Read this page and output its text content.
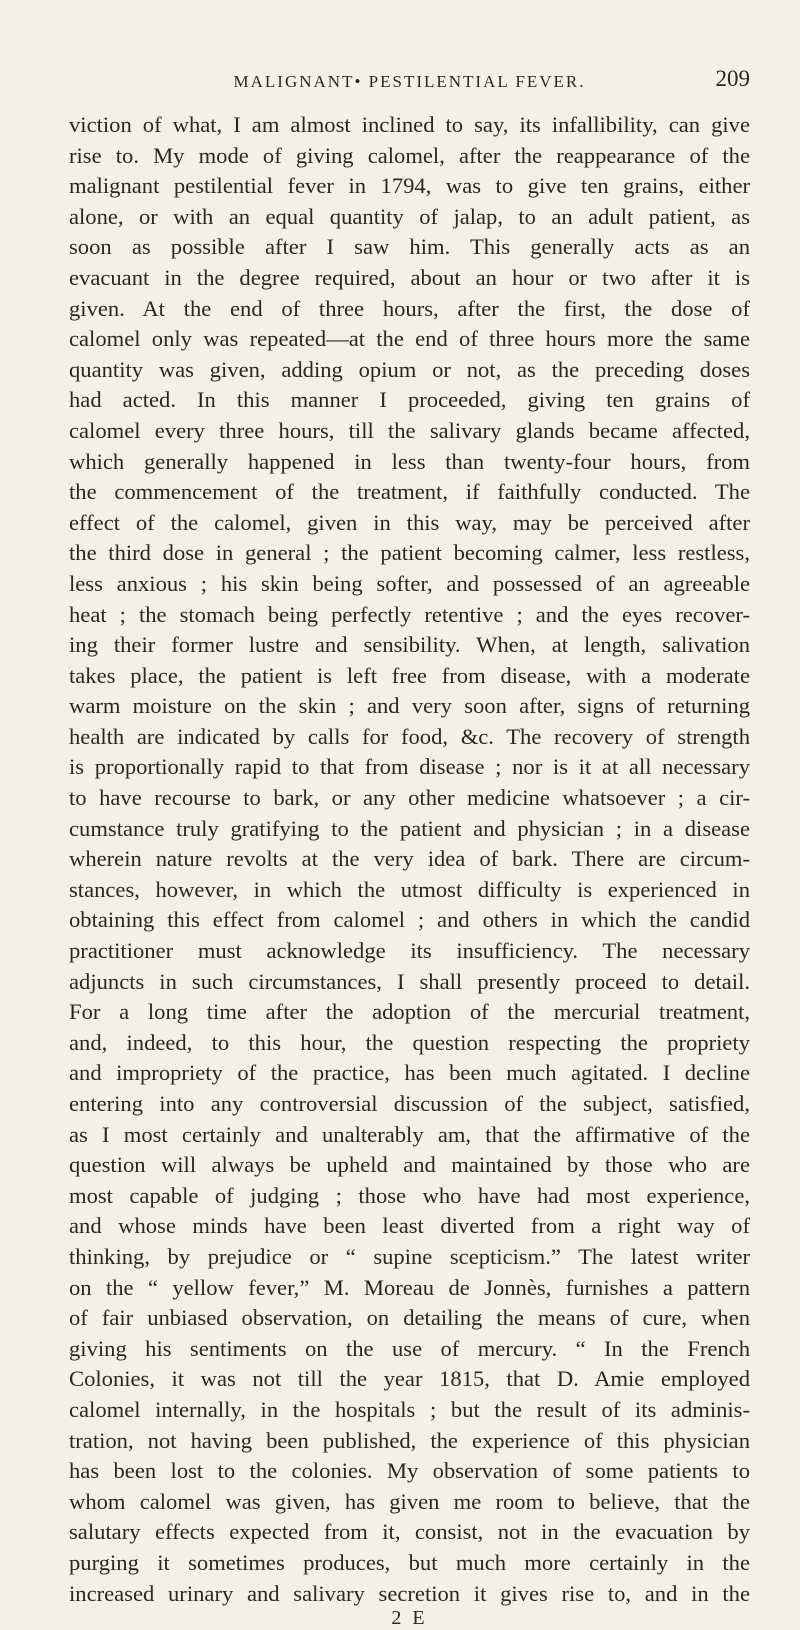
MALIGNANT• PESTILENTIAL FEVER.	209
viction of what, I am almost inclined to say, its infallibility, can give
rise to. My mode of giving calomel, after the reappearance of the
malignant pestilential fever in 1794, was to give ten grains, either
alone, or with an equal quantity of jalap, to an adult patient, as
soon as possible after I saw him. This generally acts as an
evacuant in the degree required, about an hour or two after it is
given. At the end of three hours, after the first, the dose of
calomel only was repeated—at the end of three hours more the same
quantity was given, adding opium or not, as the preceding doses
had acted. In this manner I proceeded, giving ten grains of
calomel every three hours, till the salivary glands became affected,
which generally happened in less than twenty-four hours, from
the commencement of the treatment, if faithfully conducted. The
effect of the calomel, given in this way, may be perceived after
the third dose in general ; the patient becoming calmer, less restless,
less anxious ; his skin being softer, and possessed of an agreeable
heat ; the stomach being perfectly retentive ; and the eyes recover-
ing their former lustre and sensibility. When, at length, salivation
takes place, the patient is left free from disease, with a moderate
warm moisture on the skin ; and very soon after, signs of returning
health are indicated by calls for food, &c. The recovery of strength
is proportionally rapid to that from disease ; nor is it at all necessary
to have recourse to bark, or any other medicine whatsoever ; a cir-
cumstance truly gratifying to the patient and physician ; in a disease
wherein nature revolts at the very idea of bark. There are circum-
stances, however, in which the utmost difficulty is experienced in
obtaining this effect from calomel ; and others in which the candid
practitioner must acknowledge its insufficiency. The necessary
adjuncts in such circumstances, I shall presently proceed to detail.
For a long time after the adoption of the mercurial treatment,
and, indeed, to this hour, the question respecting the propriety
and impropriety of the practice, has been much agitated. I decline
entering into any controversial discussion of the subject, satisfied,
as I most certainly and unalterably am, that the affirmative of the
question will always be upheld and maintained by those who are
most capable of judging ; those who have had most experience,
and whose minds have been least diverted from a right way of
thinking, by prejudice or “ supine scepticism.” The latest writer
on the “ yellow fever,” M. Moreau de Jonnès, furnishes a pattern
of fair unbiased observation, on detailing the means of cure, when
giving his sentiments on the use of mercury. “ In the French
Colonies, it was not till the year 1815, that D. Amie employed
calomel internally, in the hospitals ; but the result of its adminis-
tration, not having been published, the experience of this physician
has been lost to the colonies. My observation of some patients to
whom calomel was given, has given me room to believe, that the
salutary effects expected from it, consist, not in the evacuation by
purging it sometimes produces, but much more certainly in the
increased urinary and salivary secretion it gives rise to, and in the
2 E
